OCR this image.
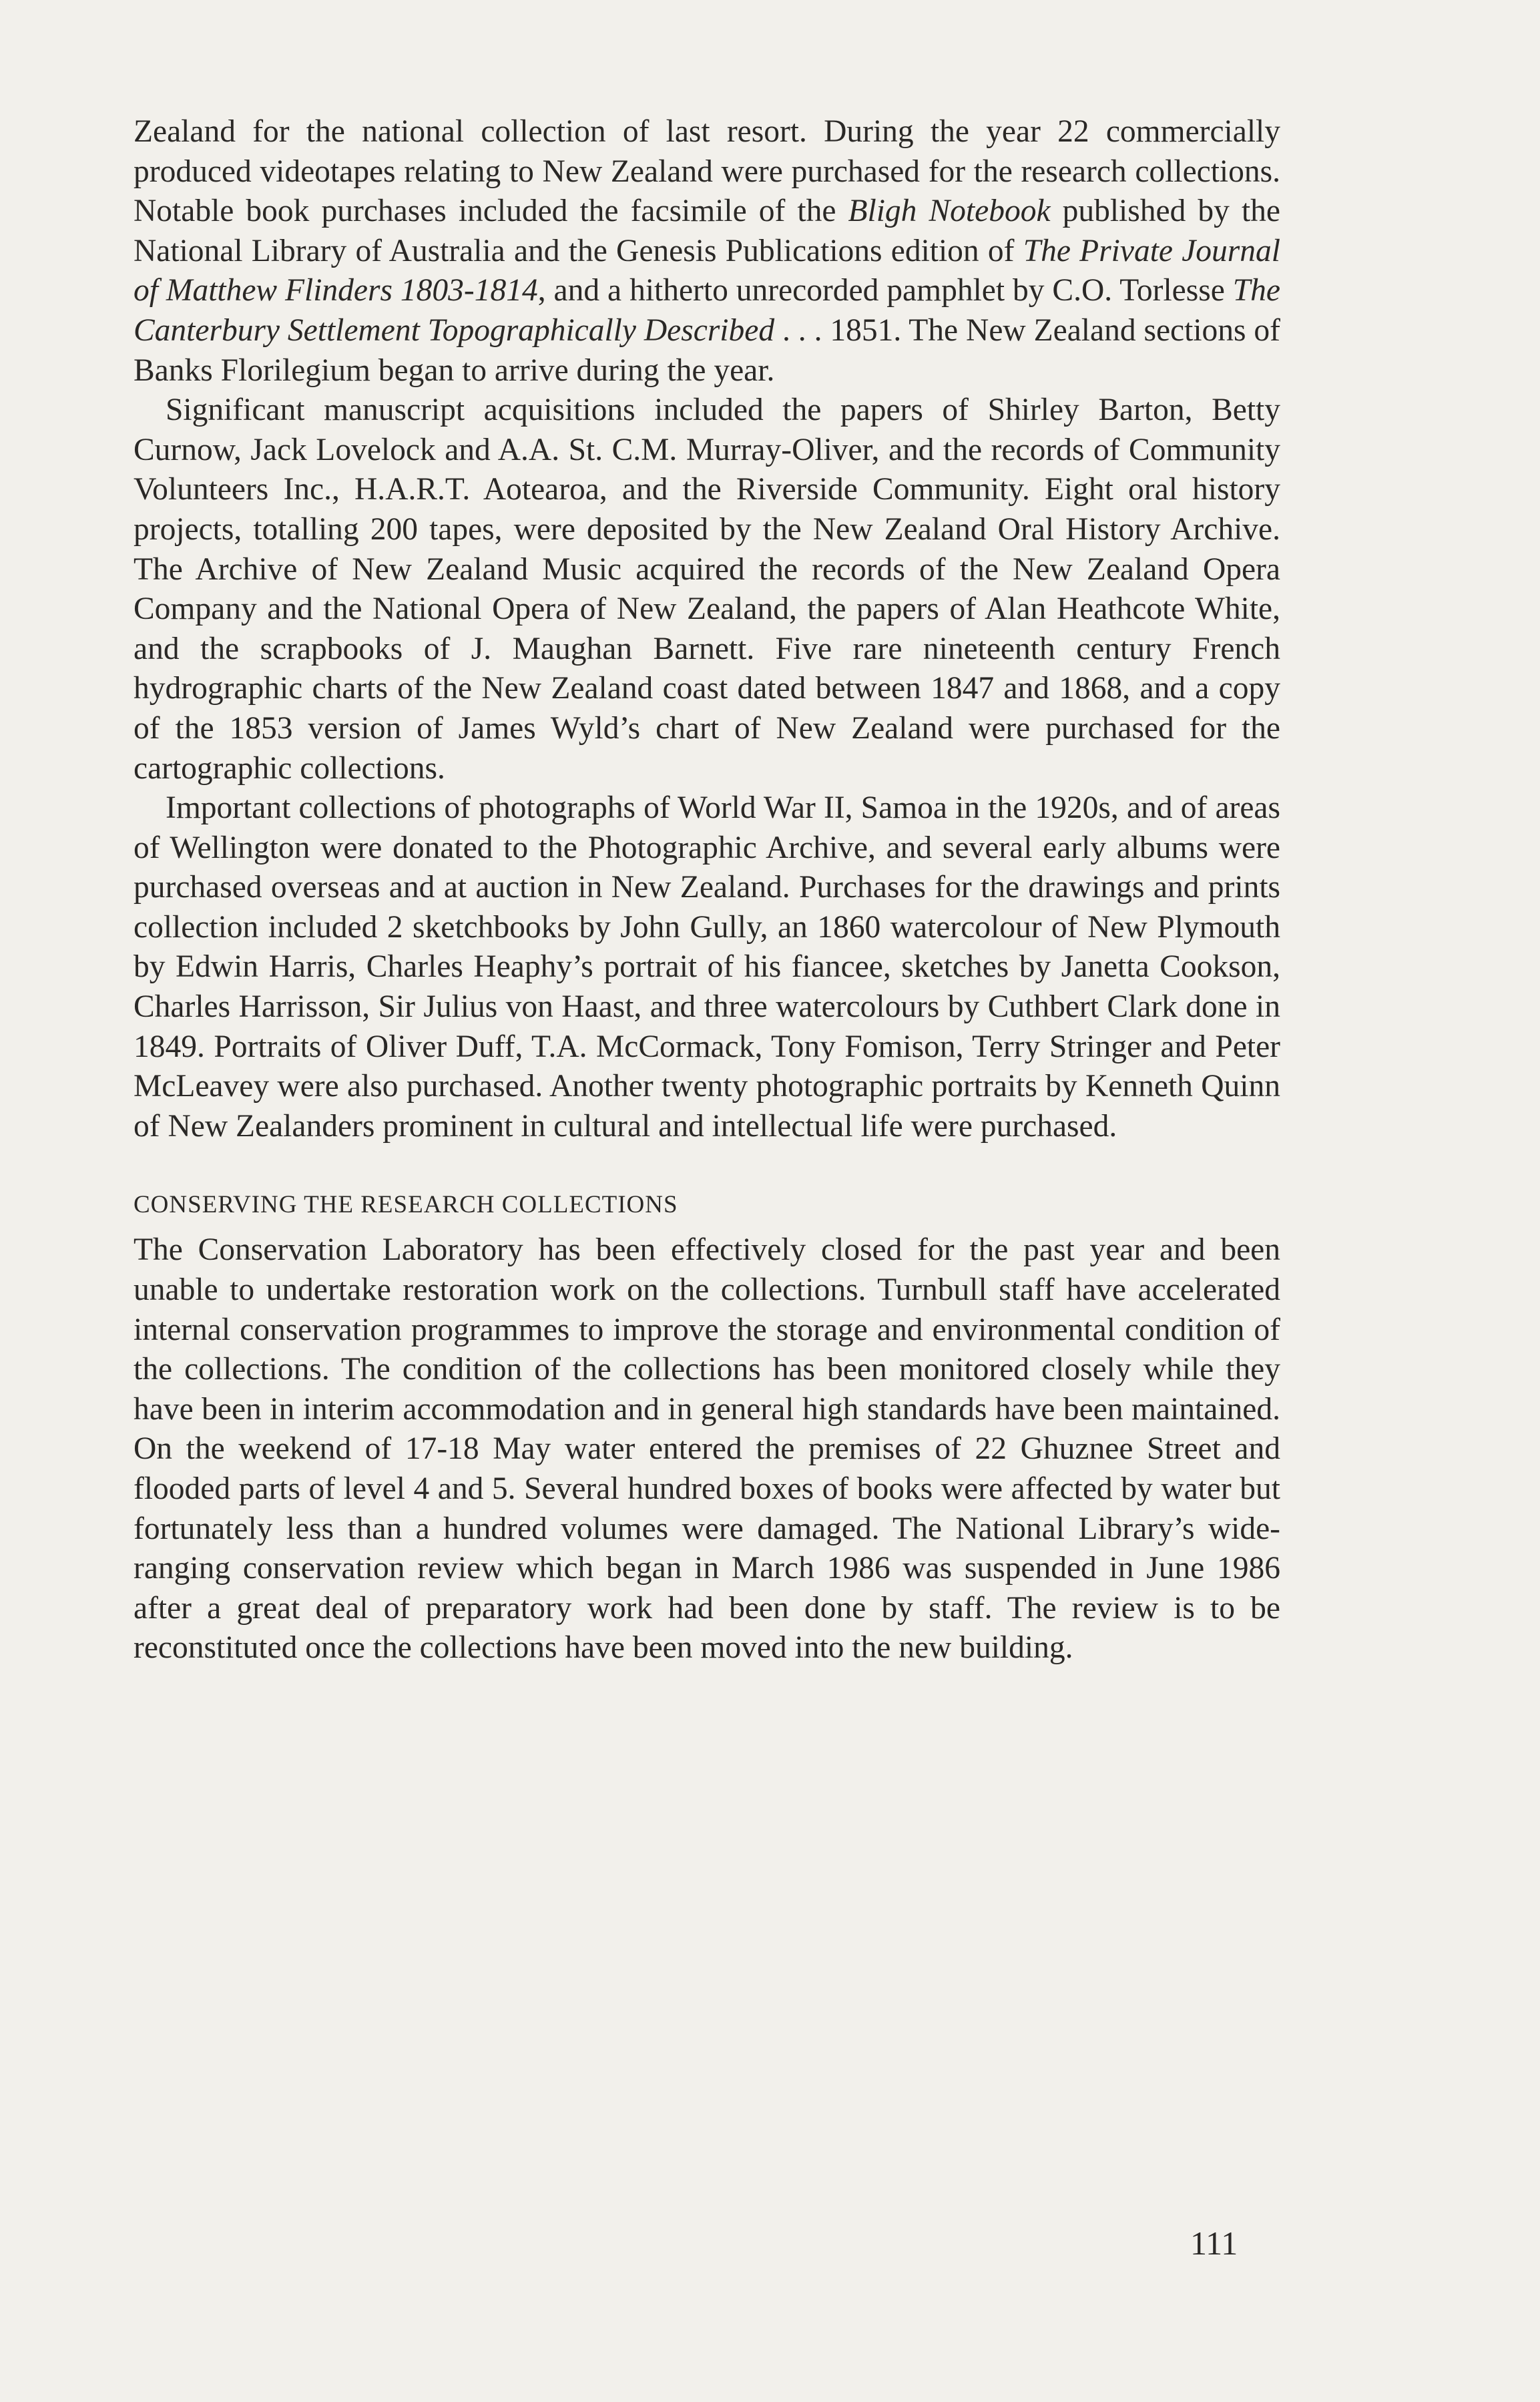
Zealand for the national collection of last resort. During the year 22 commercially produced videotapes relating to New Zealand were purchased for the research collections. Notable book purchases included the facsimile of the Bligh Notebook published by the National Library of Australia and the Genesis Publications edition of The Private Journal of Matthew Flinders 1803-1814, and a hitherto unrecorded pamphlet by C.O. Torlesse The Canterbury Settlement Topographically Described . . . 1851. The New Zealand sections of Banks Florilegium began to arrive during the year.

Significant manuscript acquisitions included the papers of Shirley Barton, Betty Curnow, Jack Lovelock and A.A. St. C.M. Murray-Oliver, and the records of Community Volunteers Inc., H.A.R.T. Aotearoa, and the Riverside Community. Eight oral history projects, totalling 200 tapes, were deposited by the New Zealand Oral History Archive. The Archive of New Zealand Music acquired the records of the New Zealand Opera Company and the National Opera of New Zealand, the papers of Alan Heathcote White, and the scrapbooks of J. Maughan Barnett. Five rare nineteenth century French hydrographic charts of the New Zealand coast dated between 1847 and 1868, and a copy of the 1853 version of James Wyld’s chart of New Zealand were purchased for the cartographic collections.

Important collections of photographs of World War II, Samoa in the 1920s, and of areas of Wellington were donated to the Photographic Archive, and several early albums were purchased overseas and at auction in New Zealand. Purchases for the drawings and prints collection included 2 sketchbooks by John Gully, an 1860 watercolour of New Plymouth by Edwin Harris, Charles Heaphy’s portrait of his fiancee, sketches by Janetta Cookson, Charles Harrisson, Sir Julius von Haast, and three watercolours by Cuthbert Clark done in 1849. Portraits of Oliver Duff, T.A. McCormack, Tony Fomison, Terry Stringer and Peter McLeavey were also purchased. Another twenty photographic portraits by Kenneth Quinn of New Zealanders prominent in cultural and intellectual life were purchased.

CONSERVING THE RESEARCH COLLECTIONS

The Conservation Laboratory has been effectively closed for the past year and been unable to undertake restoration work on the collections. Turnbull staff have accelerated internal conservation programmes to improve the storage and environmental condition of the collections. The condition of the collections has been monitored closely while they have been in interim accommodation and in general high standards have been maintained. On the weekend of 17-18 May water entered the premises of 22 Ghuznee Street and flooded parts of level 4 and 5. Several hundred boxes of books were affected by water but fortunately less than a hundred volumes were damaged. The National Library’s wide-ranging conservation review which began in March 1986 was suspended in June 1986 after a great deal of preparatory work had been done by staff. The review is to be reconstituted once the collections have been moved into the new building.

111
